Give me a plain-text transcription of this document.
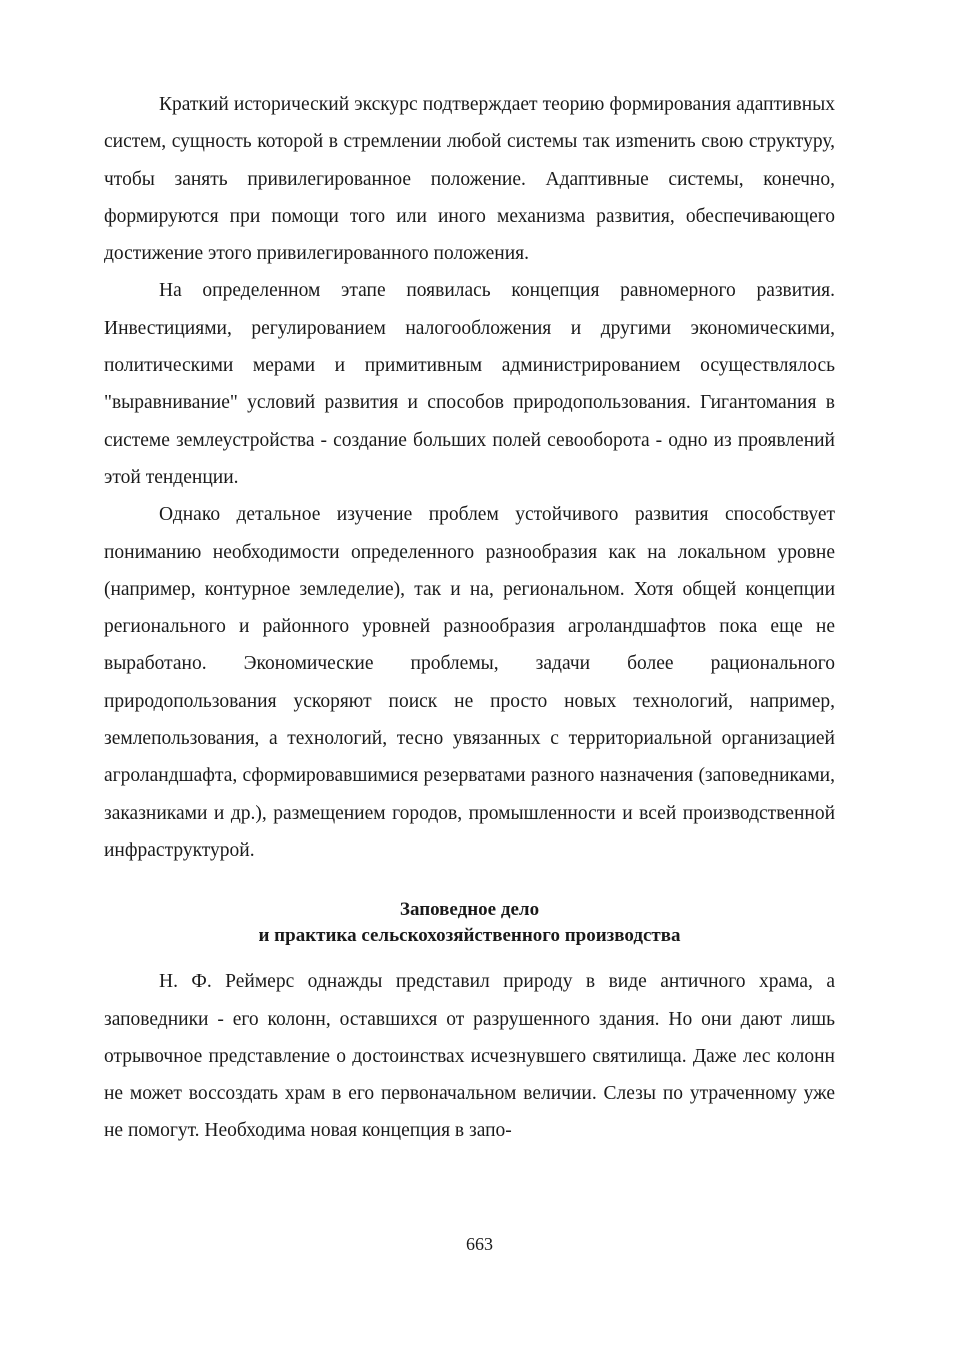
Краткий исторический экскурс подтверждает теорию формирования адаптивных систем, сущность которой в стремлении любой системы так изmенить свою структуру, чтобы занять привилегированное положение. Адаптивные системы, конечно, формируются при помощи того или иного механизма развития, обеспечивающего достижение этого привилегированного положения.

На определенном этапе появилась концепция равномерного развития. Инвестициями, регулированием налогообложения и другими экономическими, политическими мерами и примитивным администрированием осуществлялось "выравнивание" условий развития и способов природопользования. Гигантомания в системе землеустройства - создание больших полей севооборота - одно из проявлений этой тенденции.

Однако детальное изучение проблем устойчивого развития способствует пониманию необходимости определенного разнообразия как на локальном уровне (например, контурное земледелие), так и на, региональном. Хотя общей концепции регионального и районного уровней разнообразия агроландшафтов пока еще не выработано. Экономические проблемы, задачи более рационального природопользования ускоряют поиск не просто новых технологий, например, землепользования, а технологий, тесно увязанных с территориальной организацией агроландшафта, сформировавшимися резерватами разного назначения (заповедниками, заказниками и др.), размещением городов, промышленности и всей производственной инфраструктурой.

Заповедное дело
и практика сельскохозяйственного производства

Н. Ф. Реймерс однажды представил природу в виде античного храма, а заповедники - его колонн, оставшихся от разрушенного здания. Но они дают лишь отрывочное представление о достоинствах исчезнувшего святилища. Даже лес колонн не может воссоздать храм в его первоначальном величии. Слезы по утраченному уже не помогут. Необходима новая концепция в запо-

663
